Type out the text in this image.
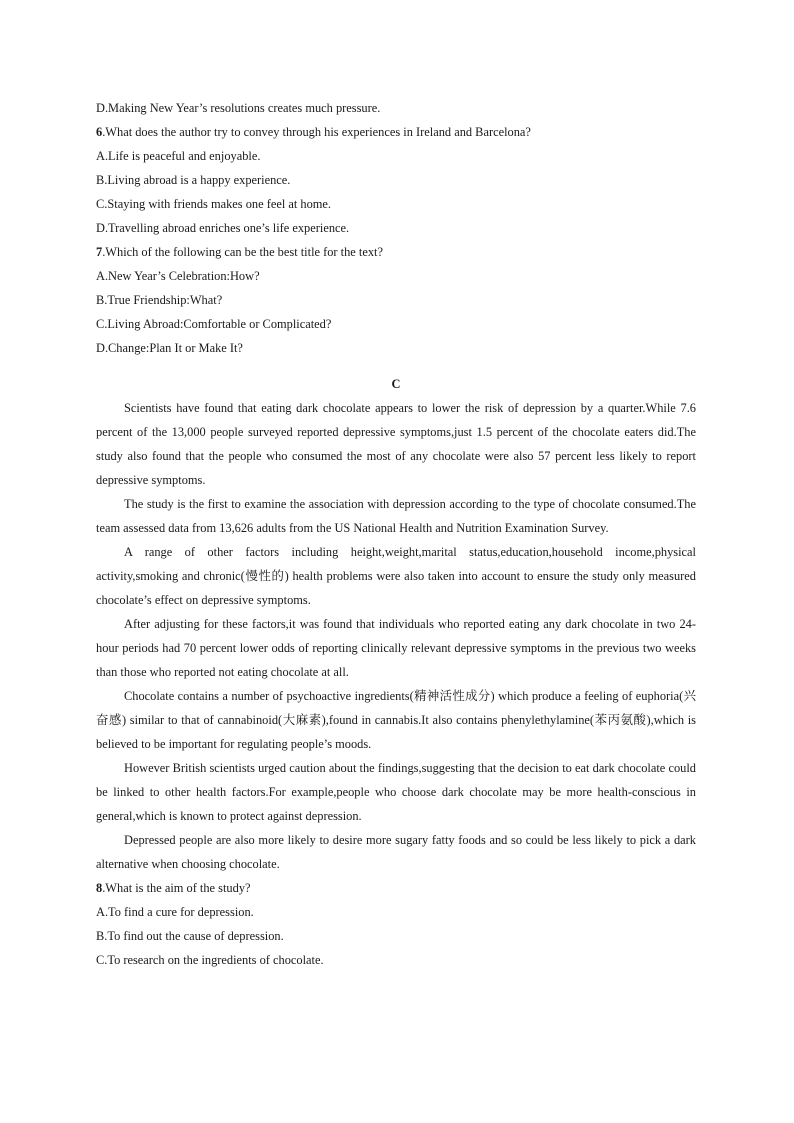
D.Making New Year’s resolutions creates much pressure.
6.What does the author try to convey through his experiences in Ireland and Barcelona?
A.Life is peaceful and enjoyable.
B.Living abroad is a happy experience.
C.Staying with friends makes one feel at home.
D.Travelling abroad enriches one’s life experience.
7.Which of the following can be the best title for the text?
A.New Year’s Celebration:How?
B.True Friendship:What?
C.Living Abroad:Comfortable or Complicated?
D.Change:Plan It or Make It?
C
Scientists have found that eating dark chocolate appears to lower the risk of depression by a quarter.While 7.6 percent of the 13,000 people surveyed reported depressive symptoms,just 1.5 percent of the chocolate eaters did.The study also found that the people who consumed the most of any chocolate were also 57 percent less likely to report depressive symptoms.
The study is the first to examine the association with depression according to the type of chocolate consumed.The team assessed data from 13,626 adults from the US National Health and Nutrition Examination Survey.
A range of other factors including height,weight,marital status,education,household income,physical activity,smoking and chronic(慢性的) health problems were also taken into account to ensure the study only measured chocolate’s effect on depressive symptoms.
After adjusting for these factors,it was found that individuals who reported eating any dark chocolate in two 24-hour periods had 70 percent lower odds of reporting clinically relevant depressive symptoms in the previous two weeks than those who reported not eating chocolate at all.
Chocolate contains a number of psychoactive ingredients(精神活性成分) which produce a feeling of euphoria(兴奋感) similar to that of cannabinoid(大麻素),found in cannabis.It also contains phenylethylamine(苯丙氨酸),which is believed to be important for regulating people’s moods.
However British scientists urged caution about the findings,suggesting that the decision to eat dark chocolate could be linked to other health factors.For example,people who choose dark chocolate may be more health-conscious in general,which is known to protect against depression.
Depressed people are also more likely to desire more sugary fatty foods and so could be less likely to pick a dark alternative when choosing chocolate.
8.What is the aim of the study?
A.To find a cure for depression.
B.To find out the cause of depression.
C.To research on the ingredients of chocolate.
